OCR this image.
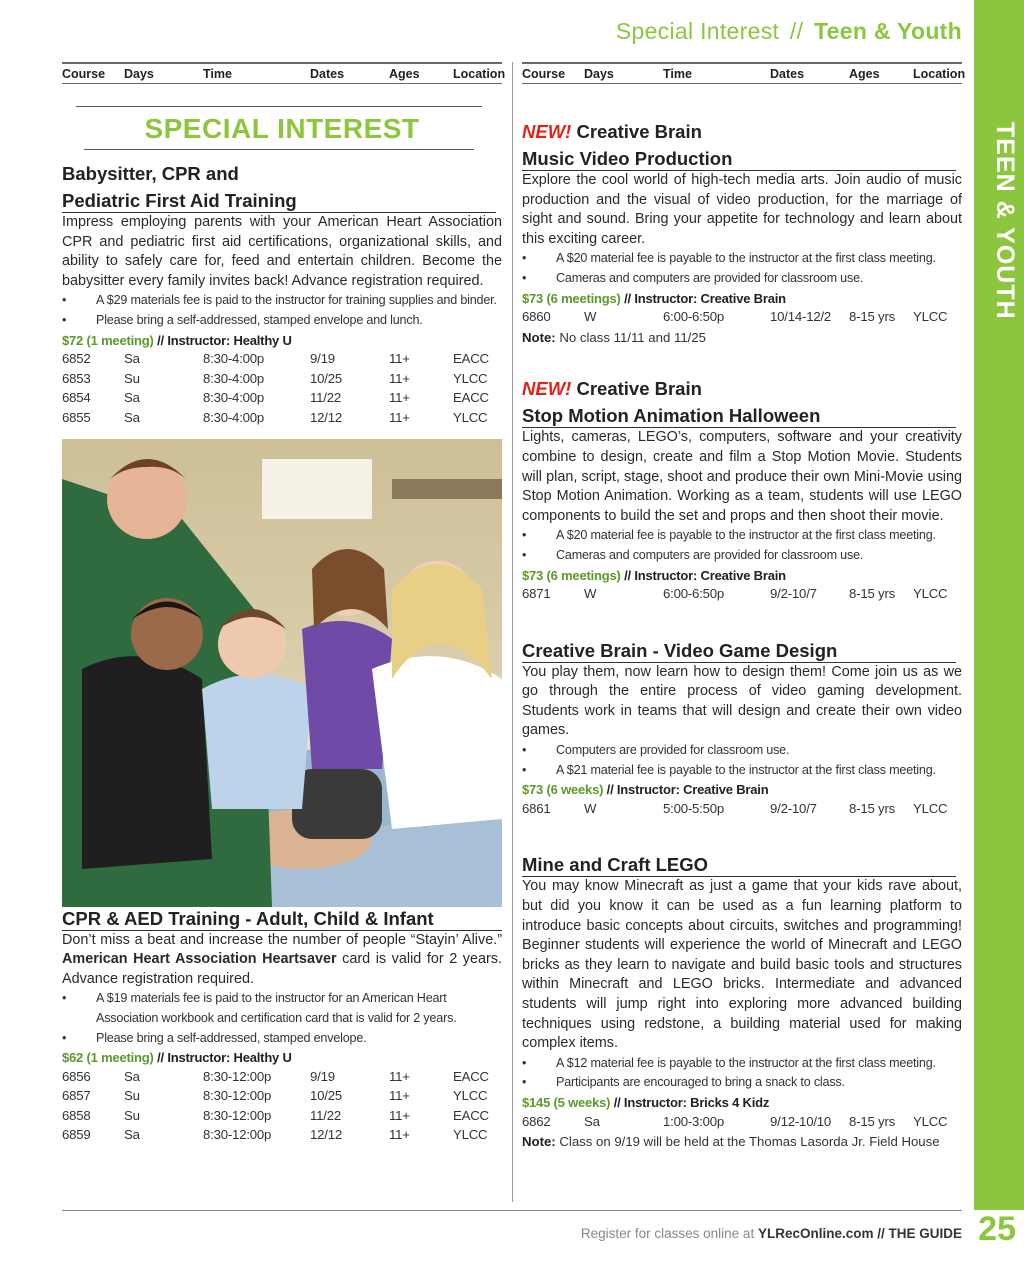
Special Interest // Teen & Youth
TEEN & YOUTH
Course Days	Time	Dates	Ages	Location
SPECIAL INTEREST
Babysitter, CPR and
Pediatric First Aid Training

Impress employing parents with your American Heart Association CPR and pediatric first aid certifications, organizational skills, and ability to safely care for, feed and entertain children. Become the babysitter every family invites back! Advance registration required.

• A $29 materials fee is paid to the instructor for training supplies and binder.
• Please bring a self-addressed, stamped envelope and lunch.
$72 (1 meeting) // Instructor: Healthy U
6852	Sa	8:30-4:00p	9/19	11+	EACC
6853	Su	8:30-4:00p	10/25	11+	YLCC
6854	Sa	8:30-4:00p	11/22	11+	EACC
6855	Sa	8:30-4:00p	12/12	11+	YLCC
CPR & AED Training - Adult, Child & Infant

Don’t miss a beat and increase the number of people “Stayin’ Alive.” American Heart Association Heartsaver card is valid for 2 years. Advance registration required.

• A $19 materials fee is paid to the instructor for an American Heart Association workbook and certification card that is valid for 2 years.
• Please bring a self-addressed, stamped envelope.
$62 (1 meeting) // Instructor: Healthy U
6856	Sa	8:30-12:00p	9/19	11+	EACC
6857	Su	8:30-12:00p	10/25	11+	YLCC
6858	Su	8:30-12:00p	11/22	11+	EACC
6859	Sa	8:30-12:00p	12/12	11+	YLCC
Course Days	Time	Dates	Ages	Location
NEW! Creative Brain
Music Video Production

Explore the cool world of high-tech media arts. Join audio of music production and the visual of video production, for the marriage of sight and sound. Bring your appetite for technology and learn about this exciting career.

• A $20 material fee is payable to the instructor at the first class meeting.
• Cameras and computers are provided for classroom use.
$73 (6 meetings) // Instructor: Creative Brain
6860	W	6:00-6:50p	10/14-12/2 8-15 yrs YLCC
Note: No class 11/11 and 11/25
NEW! Creative Brain
Stop Motion Animation Halloween

Lights, cameras, LEGO’s, computers, software and your creativity combine to design, create and film a Stop Motion Movie. Students will plan, script, stage, shoot and produce their own Mini-Movie using Stop Motion Animation. Working as a team, students will use LEGO components to build the set and props and then shoot their movie.

• A $20 material fee is payable to the instructor at the first class meeting.
• Cameras and computers are provided for classroom use.
$73 (6 meetings) // Instructor: Creative Brain
6871	W	6:00-6:50p	9/2-10/7 8-15 yrs YLCC
Creative Brain - Video Game Design

You play them, now learn how to design them! Come join us as we go through the entire process of video gaming development. Students work in teams that will design and create their own video games.

• Computers are provided for classroom use.
• A $21 material fee is payable to the instructor at the first class meeting.
$73 (6 weeks) // Instructor: Creative Brain
6861	W	5:00-5:50p	9/2-10/7 8-15 yrs YLCC
Mine and Craft LEGO

You may know Minecraft as just a game that your kids rave about, but did you know it can be used as a fun learning platform to introduce basic concepts about circuits, switches and programming! Beginner students will experience the world of Minecraft and LEGO bricks as they learn to navigate and build basic tools and structures within Minecraft and LEGO bricks. Intermediate and advanced students will jump right into exploring more advanced building techniques using redstone, a building material used for making complex items.

• A $12 material fee is payable to the instructor at the first class meeting.
• Participants are encouraged to bring a snack to class.
$145 (5 weeks) // Instructor: Bricks 4 Kidz
6862	Sa	1:00-3:00p	9/12-10/10 8-15 yrs YLCC
Note: Class on 9/19 will be held at the Thomas Lasorda Jr. Field House
Register for classes online at YLRecOnline.com // THE GUIDE 25
